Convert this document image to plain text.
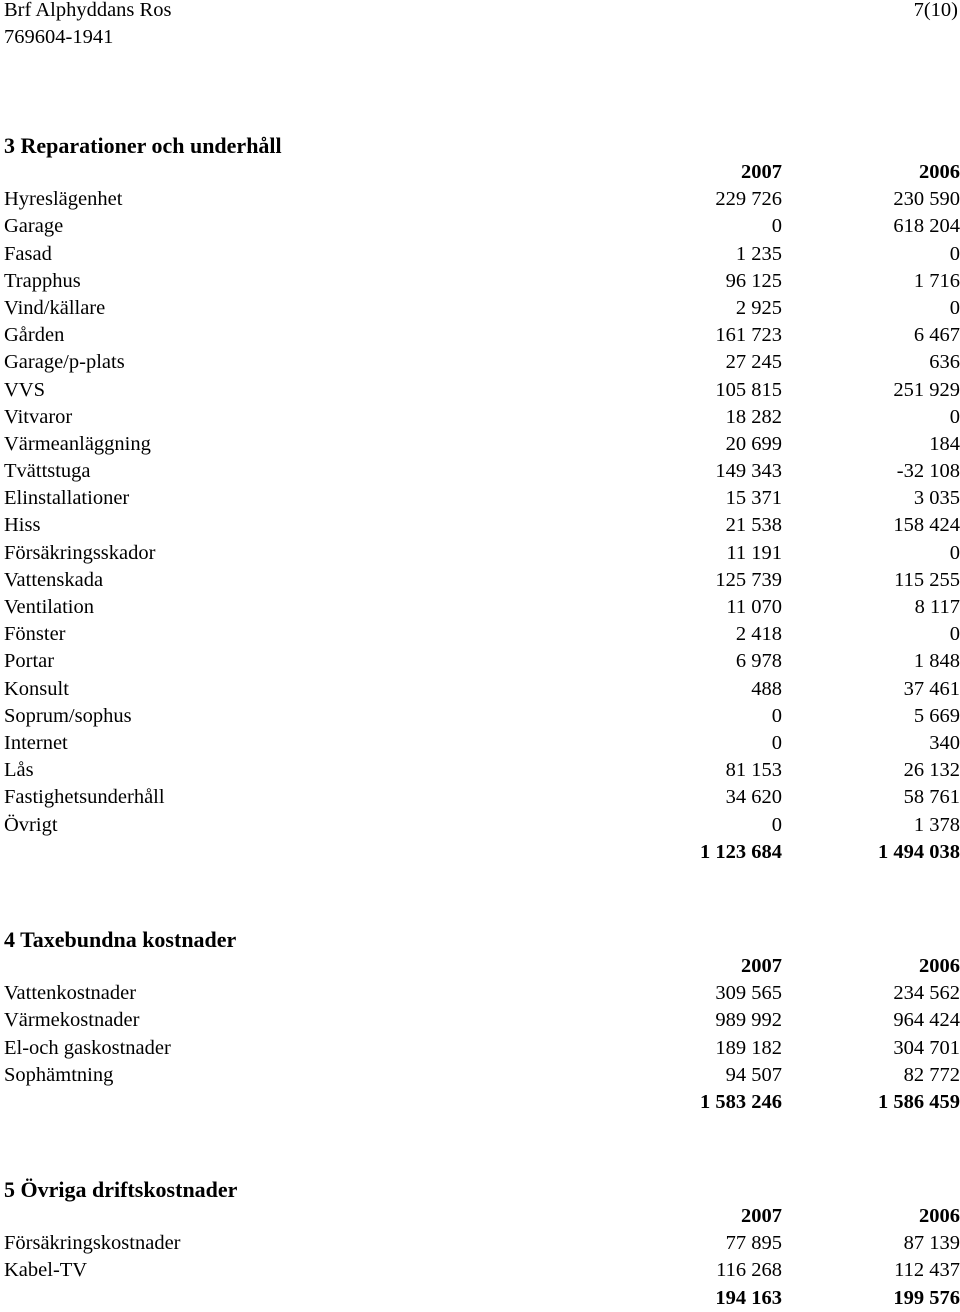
Brf Alphyddans Ros	7(10)
769604-1941
3 Reparationer och underhåll
2007	2006
Hyreslägenhet	229 726	230 590
Garage	0	618 204
Fasad	1 235	0
Trapphus	96 125	1 716
Vind/källare	2 925	0
Gården	161 723	6 467
Garage/p-plats	27 245	636
VVS	105 815	251 929
Vitvaror	18 282	0
Värmeanläggning	20 699	184
Tvättstuga	149 343	-32 108
Elinstallationer	15 371	3 035
Hiss	21 538	158 424
Försäkringsskador	11 191	0
Vattenskada	125 739	115 255
Ventilation	11 070	8 117
Fönster	2 418	0
Portar	6 978	1 848
Konsult	488	37 461
Soprum/sophus	0	5 669
Internet	0	340
Lås	81 153	26 132
Fastighetsunderhåll	34 620	58 761
Övrigt	0	1 378
1 123 684	1 494 038
4 Taxebundna kostnader
2007	2006
Vattenkostnader	309 565	234 562
Värmekostnader	989 992	964 424
El-och gaskostnader	189 182	304 701
Sophämtning	94 507	82 772
1 583 246	1 586 459
5 Övriga driftskostnader
2007	2006
Försäkringskostnader	77 895	87 139
Kabel-TV	116 268	112 437
194 163	199 576
